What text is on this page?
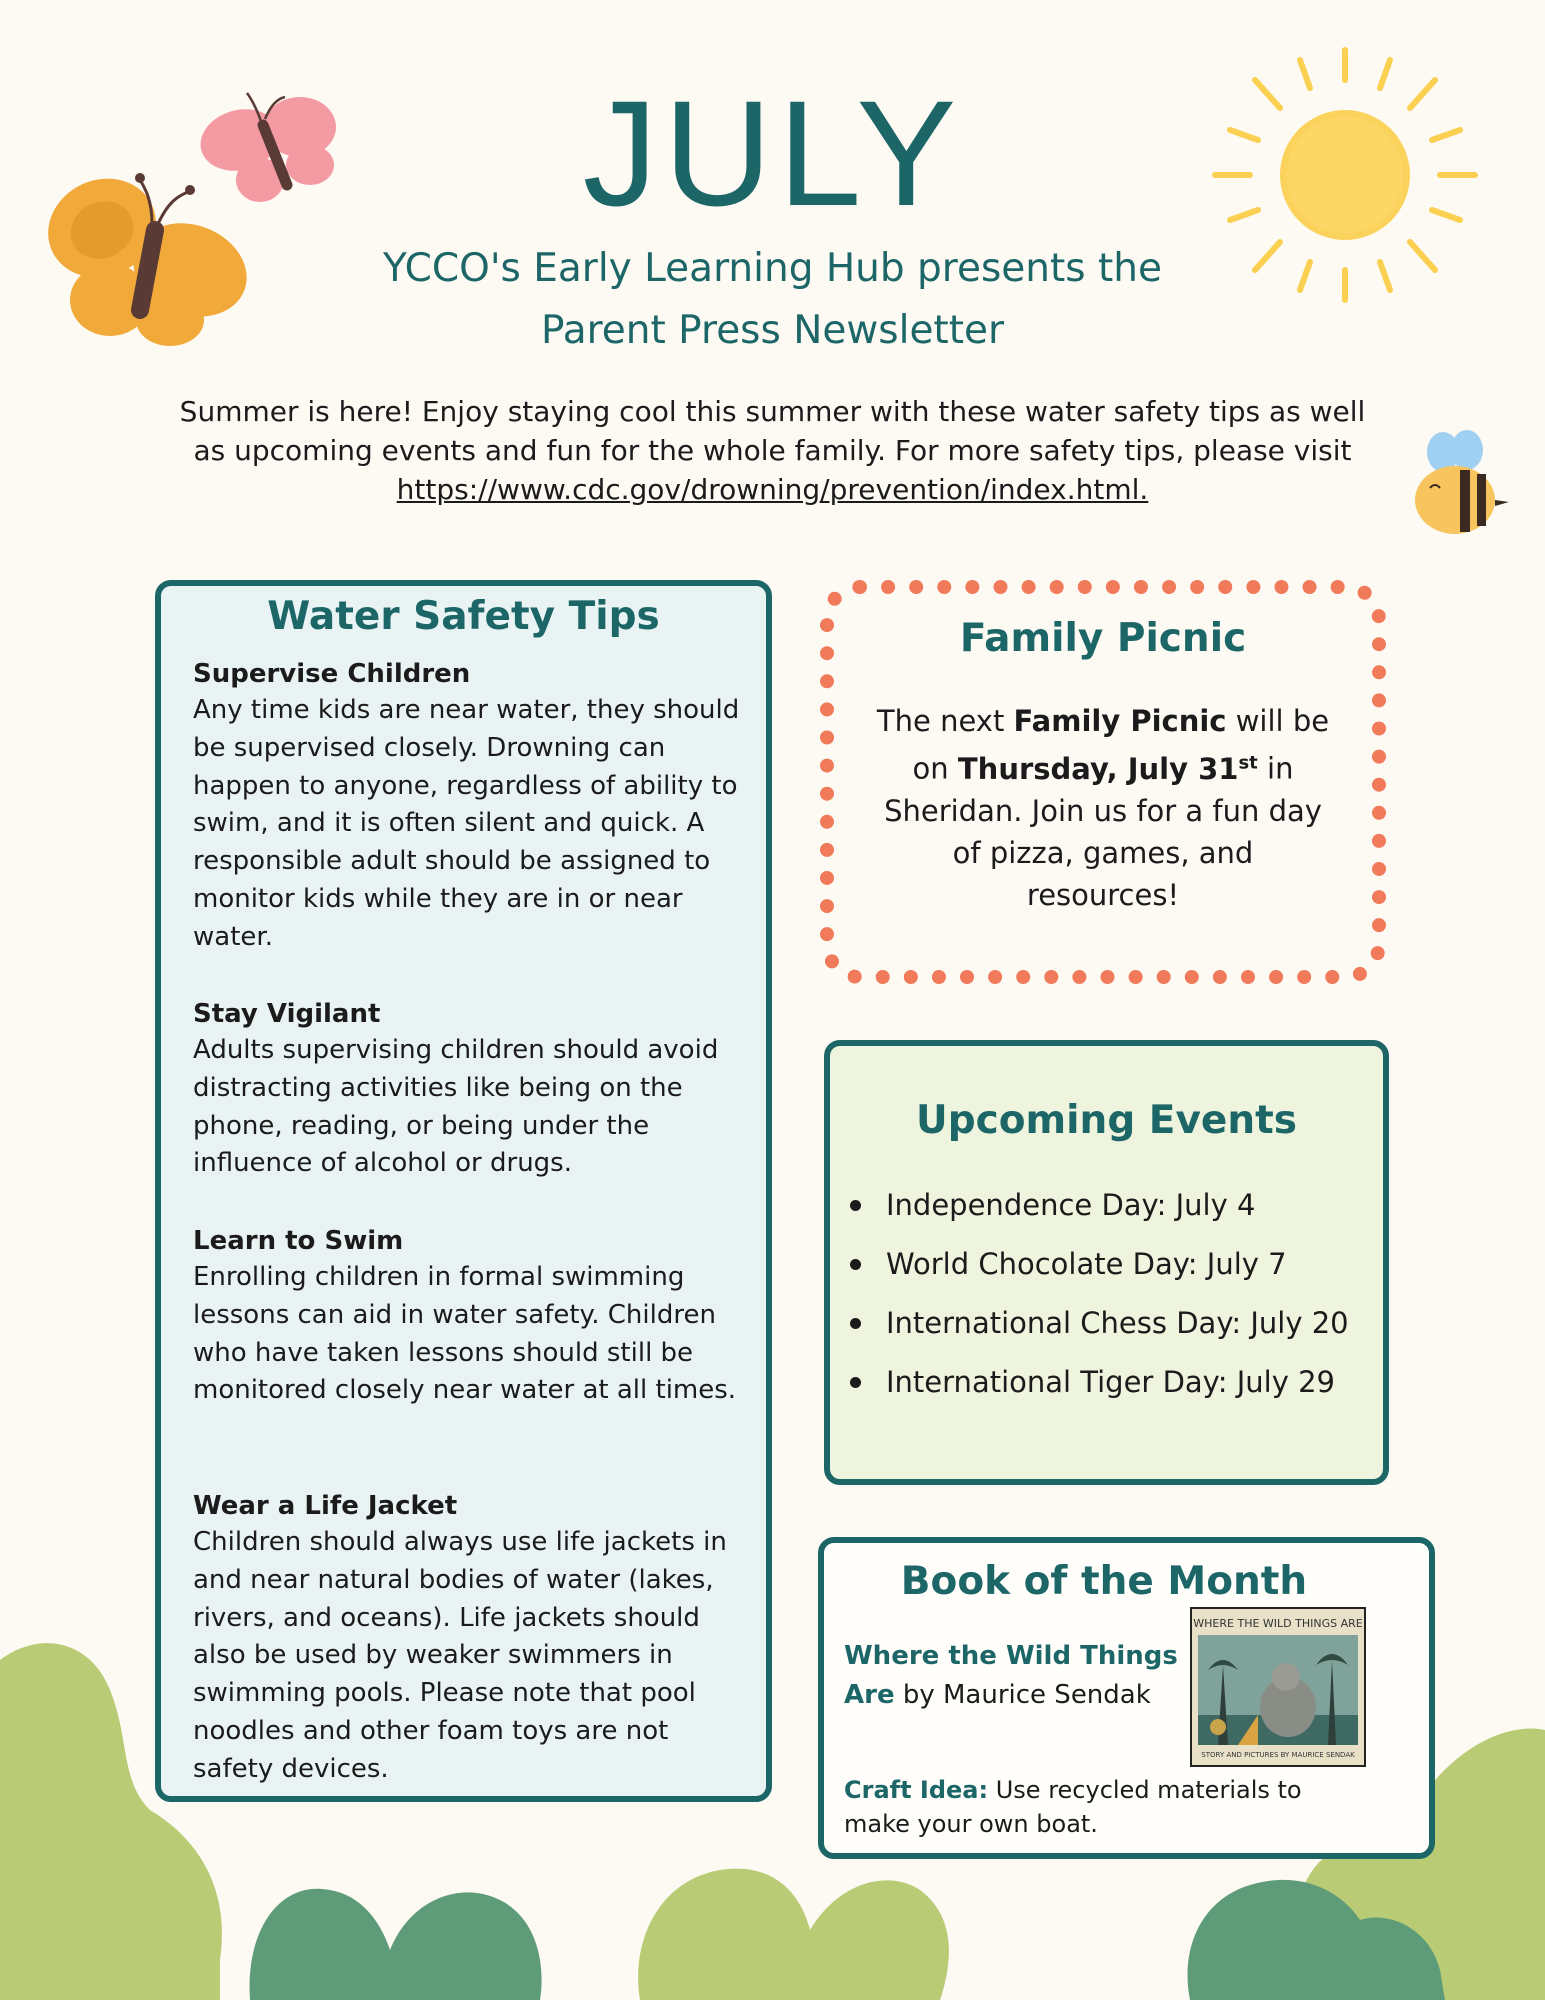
JULY
YCCO's Early Learning Hub presents the
Parent Press Newsletter
Summer is here! Enjoy staying cool this summer with these water safety tips as well
as upcoming events and fun for the whole family. For more safety tips, please visit
https://www.cdc.gov/drowning/prevention/index.html.
Water Safety Tips
Supervise Children
Any time kids are near water, they should be supervised closely. Drowning can happen to anyone, regardless of ability to swim, and it is often silent and quick. A responsible adult should be assigned to monitor kids while they are in or near water.
Stay Vigilant
Adults supervising children should avoid distracting activities like being on the phone, reading, or being under the influence of alcohol or drugs.
Learn to Swim
Enrolling children in formal swimming lessons can aid in water safety. Children who have taken lessons should still be monitored closely near water at all times.
Wear a Life Jacket
Children should always use life jackets in and near natural bodies of water (lakes, rivers, and oceans). Life jackets should also be used by weaker swimmers in swimming pools. Please note that pool noodles and other foam toys are not safety devices.
Family Picnic
The next Family Picnic will be on Thursday, July 31st in Sheridan. Join us for a fun day of pizza, games, and resources!
Upcoming Events
Independence Day: July 4
World Chocolate Day: July 7
International Chess Day: July 20
International Tiger Day: July 29
Book of the Month
Where the Wild Things Are by Maurice Sendak
WHERE THE WILD THINGS ARE
STORY AND PICTURES BY MAURICE SENDAK
Craft Idea: Use recycled materials to make your own boat.
